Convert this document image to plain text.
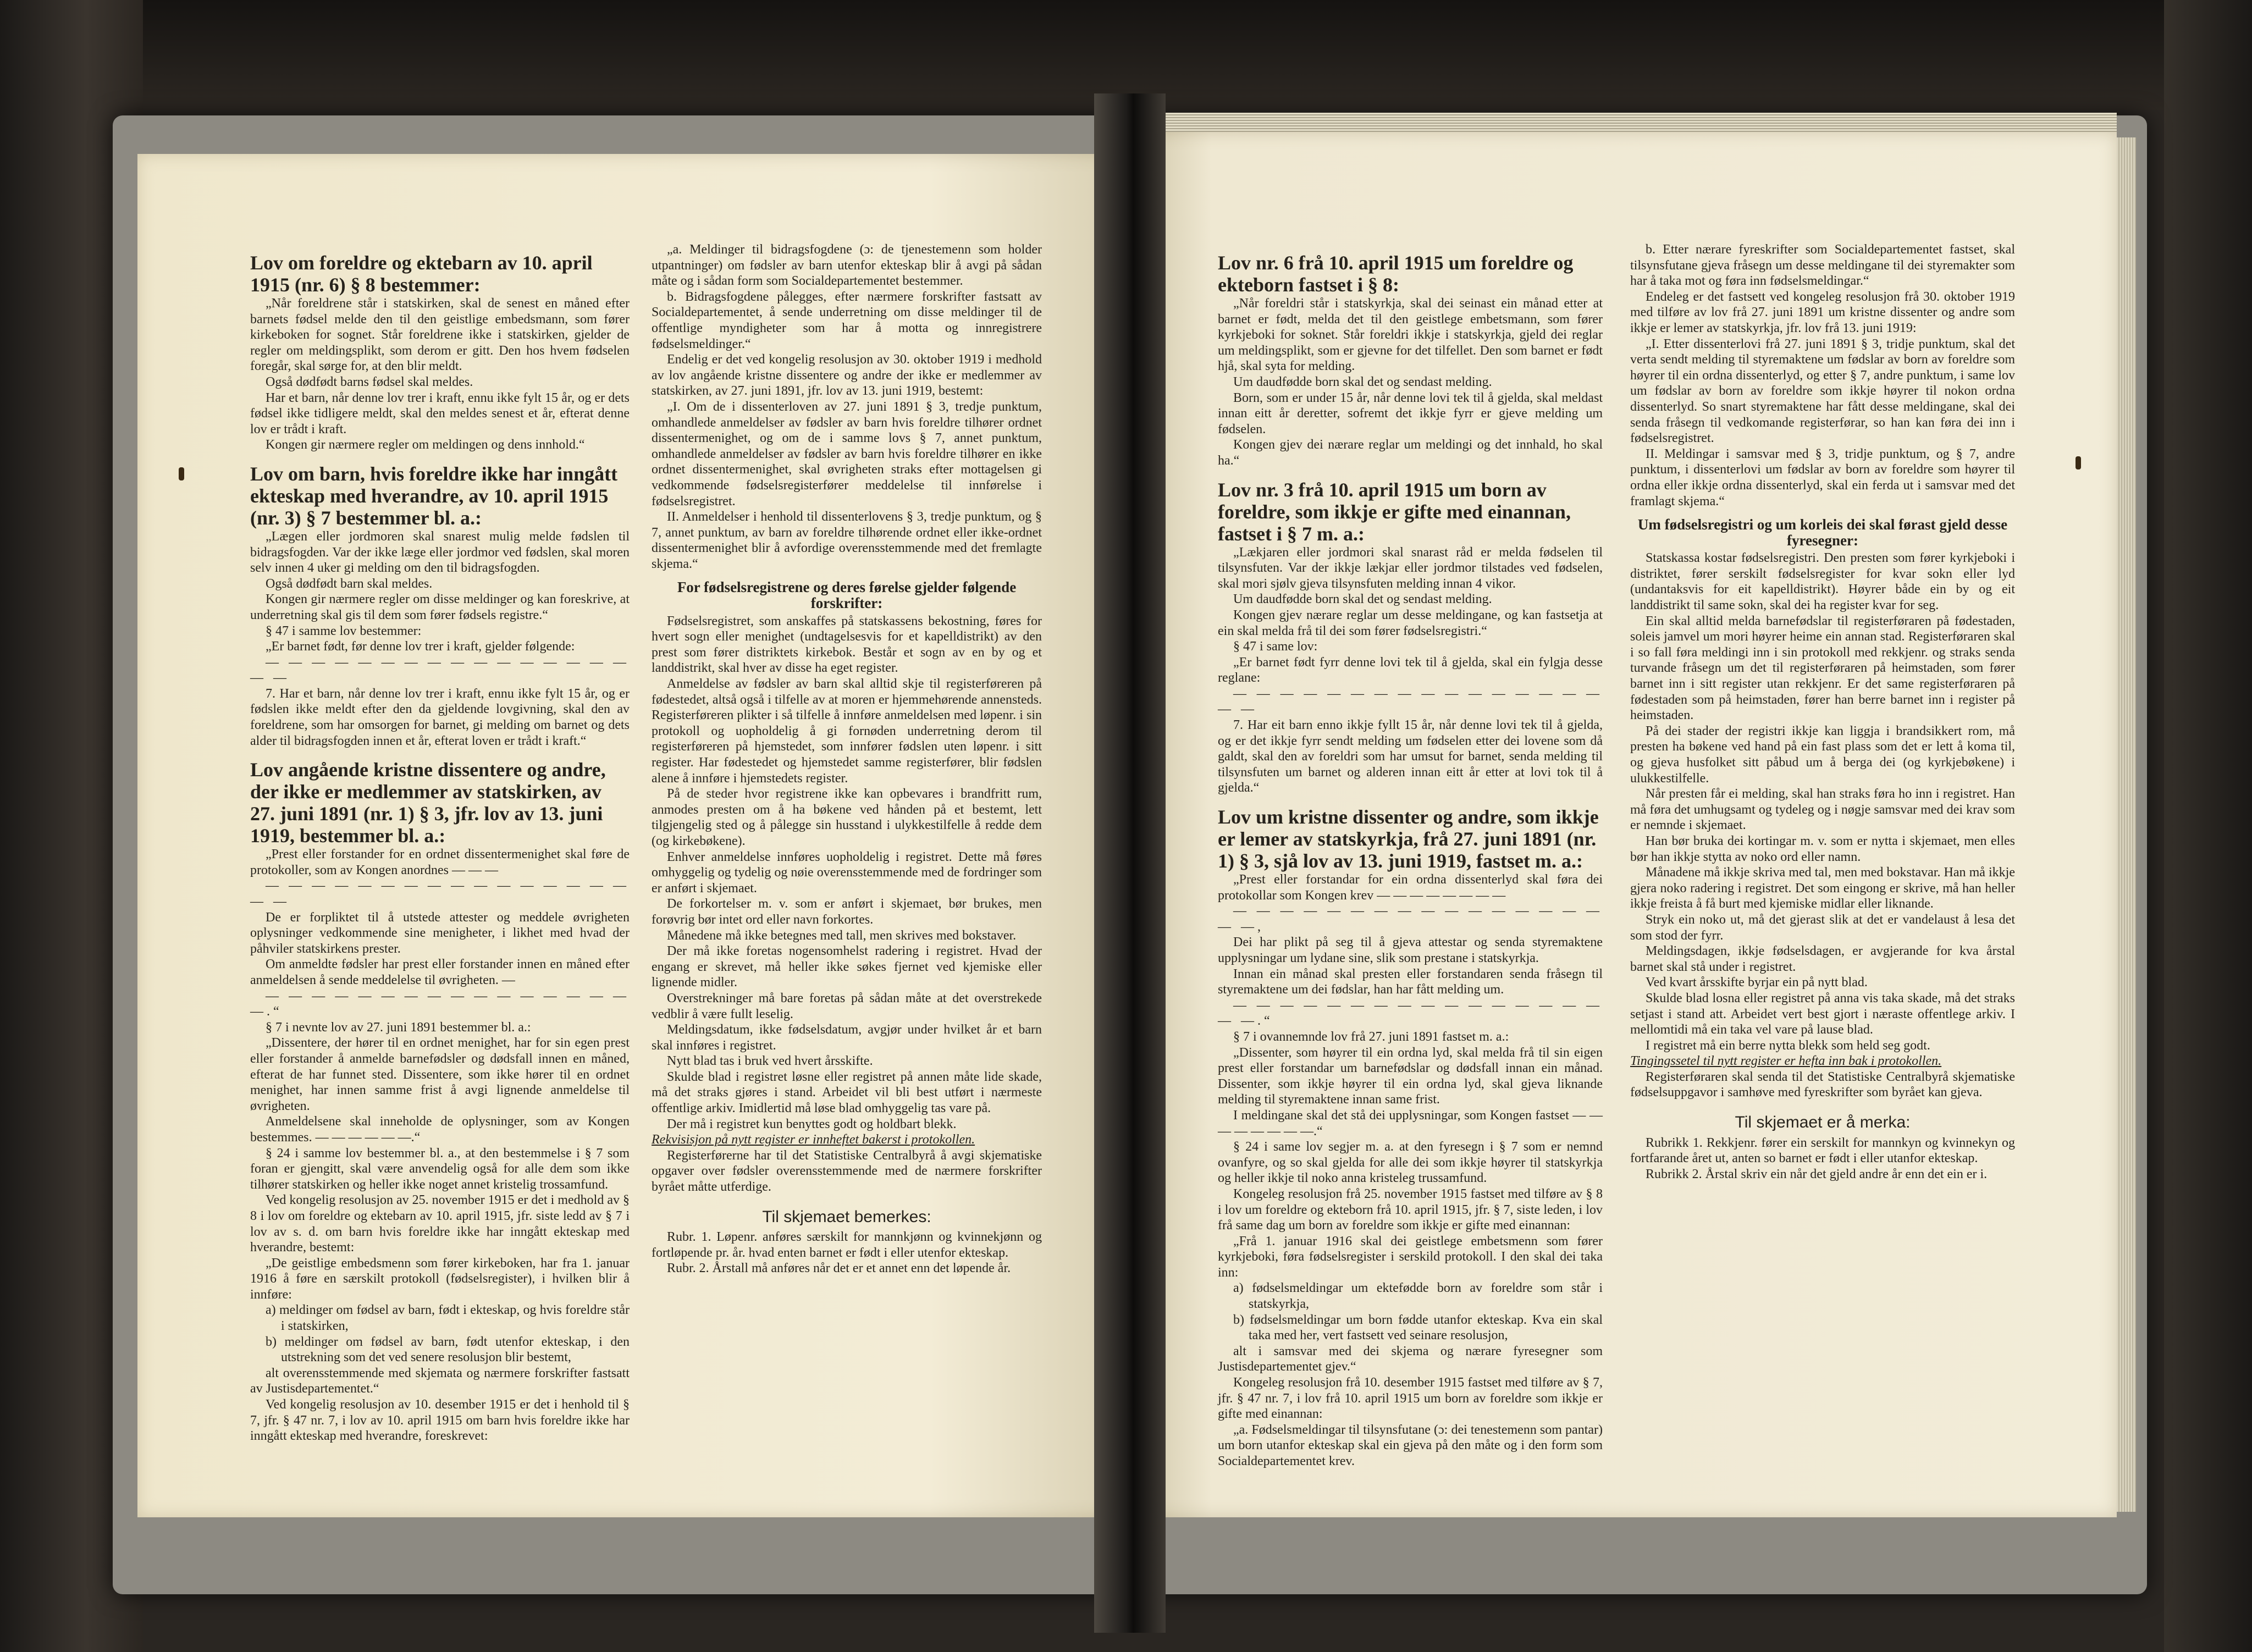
Lov om foreldre og ektebarn av 10. april 1915 (nr. 6) § 8 bestemmer:

„Når foreldrene står i statskirken, skal de senest en måned efter barnets fødsel melde den til den geistlige embedsmann, som fører kirkeboken for sognet. Står foreldrene ikke i statskirken, gjelder de regler om meldingsplikt, som derom er gitt. Den hos hvem fødselen foregår, skal sørge for, at den blir meldt.

Også dødfødt barns fødsel skal meldes.

Har et barn, når denne lov trer i kraft, ennu ikke fylt 15 år, og er dets fødsel ikke tidligere meldt, skal den meldes senest et år, efterat denne lov er trådt i kraft.

Kongen gir nærmere regler om meldingen og dens innhold.“

Lov om barn, hvis foreldre ikke har inngått ekteskap med hverandre, av 10. april 1915 (nr. 3) § 7 bestemmer bl. a.:

„Lægen eller jordmoren skal snarest mulig melde fødslen til bidragsfogden. Var der ikke læge eller jordmor ved fødslen, skal moren selv innen 4 uker gi melding om den til bidragsfogden.

Også dødfødt barn skal meldes.

Kongen gir nærmere regler om disse meldinger og kan foreskrive, at underretning skal gis til dem som fører fødsels registre.“

§ 47 i samme lov bestemmer:

„Er barnet født, før denne lov trer i kraft, gjelder følgende:

— — — — — — — — — — — — — — — — — —

7. Har et barn, når denne lov trer i kraft, ennu ikke fylt 15 år, og er fødslen ikke meldt efter den da gjeldende lovgivning, skal den av foreldrene, som har omsorgen for barnet, gi melding om barnet og dets alder til bidragsfogden innen et år, efterat loven er trådt i kraft.“

Lov angående kristne dissentere og andre, der ikke er medlemmer av statskirken, av 27. juni 1891 (nr. 1) § 3, jfr. lov av 13. juni 1919, bestemmer bl. a.:

„Prest eller forstander for en ordnet dissentermenighet skal føre de protokoller, som av Kongen anordnes — — —

— — — — — — — — — — — — — — — — — —

De er forpliktet til å utstede attester og meddele øvrigheten oplysninger vedkommende sine menigheter, i likhet med hvad der påhviler statskirkens prester.

Om anmeldte fødsler har prest eller forstander innen en måned efter anmeldelsen å sende meddelelse til øvrigheten. —

— — — — — — — — — — — — — — — — —.“

§ 7 i nevnte lov av 27. juni 1891 bestemmer bl. a.:

„Dissentere, der hører til en ordnet menighet, har for sin egen prest eller forstander å anmelde barnefødsler og dødsfall innen en måned, efterat de har funnet sted. Dissentere, som ikke hører til en ordnet menighet, har innen samme frist å avgi lignende anmeldelse til øvrigheten.

Anmeldelsene skal inneholde de oplysninger, som av Kongen bestemmes. — — — — — —.“

§ 24 i samme lov bestemmer bl. a., at den bestemmelse i § 7 som foran er gjengitt, skal være anvendelig også for alle dem som ikke tilhører statskirken og heller ikke noget annet kristelig trossamfund.

Ved kongelig resolusjon av 25. november 1915 er det i medhold av § 8 i lov om foreldre og ektebarn av 10. april 1915, jfr. siste ledd av § 7 i lov av s. d. om barn hvis foreldre ikke har inngått ekteskap med hverandre, bestemt:

„De geistlige embedsmenn som fører kirkeboken, har fra 1. januar 1916 å føre en særskilt protokoll (fødselsregister), i hvilken blir å innføre:

a) meldinger om fødsel av barn, født i ekteskap, og hvis foreldre står i statskirken,

b) meldinger om fødsel av barn, født utenfor ekteskap, i den utstrekning som det ved senere resolusjon blir bestemt,

alt overensstemmende med skjemata og nærmere forskrifter fastsatt av Justisdepartementet.“

Ved kongelig resolusjon av 10. desember 1915 er det i henhold til § 7, jfr. § 47 nr. 7, i lov av 10. april 1915 om barn hvis foreldre ikke har inngått ekteskap med hverandre, foreskrevet:

„a. Meldinger til bidragsfogdene (ɔ: de tjenestemenn som holder utpantninger) om fødsler av barn utenfor ekteskap blir å avgi på sådan måte og i sådan form som Socialdepartementet bestemmer.

b. Bidragsfogdene pålegges, efter nærmere forskrifter fastsatt av Socialdepartementet, å sende underretning om disse meldinger til de offentlige myndigheter som har å motta og innregistrere fødselsmeldinger.“

Endelig er det ved kongelig resolusjon av 30. oktober 1919 i medhold av lov angående kristne dissentere og andre der ikke er medlemmer av statskirken, av 27. juni 1891, jfr. lov av 13. juni 1919, bestemt:

„I. Om de i dissenterloven av 27. juni 1891 § 3, tredje punktum, omhandlede anmeldelser av fødsler av barn hvis foreldre tilhører ordnet dissentermenighet, og om de i samme lovs § 7, annet punktum, omhandlede anmeldelser av fødsler av barn hvis foreldre tilhører en ikke ordnet dissentermenighet, skal øvrigheten straks efter mottagelsen gi vedkommende fødselsregisterfører meddelelse til innførelse i fødselsregistret.

II. Anmeldelser i henhold til dissenterlovens § 3, tredje punktum, og § 7, annet punktum, av barn av foreldre tilhørende ordnet eller ikke-ordnet dissentermenighet blir å avfordige overensstemmende med det fremlagte skjema.“

For fødselsregistrene og deres førelse gjelder følgende forskrifter:

Fødselsregistret, som anskaffes på statskassens bekostning, føres for hvert sogn eller menighet (undtagelsesvis for et kapelldistrikt) av den prest som fører distriktets kirkebok. Består et sogn av en by og et landdistrikt, skal hver av disse ha eget register.

Anmeldelse av fødsler av barn skal alltid skje til registerføreren på fødestedet, altså også i tilfelle av at moren er hjemmehørende annensteds. Registerføreren plikter i så tilfelle å innføre anmeldelsen med løpenr. i sin protokoll og uopholdelig å gi fornøden underretning derom til registerføreren på hjemstedet, som innfører fødslen uten løpenr. i sitt register. Har fødestedet og hjemstedet samme registerfører, blir fødslen alene å innføre i hjemstedets register.

På de steder hvor registrene ikke kan opbevares i brandfritt rum, anmodes presten om å ha bøkene ved hånden på et bestemt, lett tilgjengelig sted og å pålegge sin husstand i ulykkestilfelle å redde dem (og kirkebøkene).

Enhver anmeldelse innføres uopholdelig i registret. Dette må føres omhyggelig og tydelig og nøie overensstemmende med de fordringer som er anført i skjemaet.

De forkortelser m. v. som er anført i skjemaet, bør brukes, men forøvrig bør intet ord eller navn forkortes.

Månedene må ikke betegnes med tall, men skrives med bokstaver.

Der må ikke foretas nogensomhelst radering i registret. Hvad der engang er skrevet, må heller ikke søkes fjernet ved kjemiske eller lignende midler.

Overstrekninger må bare foretas på sådan måte at det overstrekede vedblir å være fullt leselig.

Meldingsdatum, ikke fødselsdatum, avgjør under hvilket år et barn skal innføres i registret.

Nytt blad tas i bruk ved hvert årsskifte.

Skulde blad i registret løsne eller registret på annen måte lide skade, må det straks gjøres i stand. Arbeidet vil bli best utført i nærmeste offentlige arkiv. Imidlertid må løse blad omhyggelig tas vare på.

Der må i registret kun benyttes godt og holdbart blekk.

Rekvisisjon på nytt register er innheftet bakerst i protokollen.

Registerførerne har til det Statistiske Centralbyrå å avgi skjematiske opgaver over fødsler overensstemmende med de nærmere forskrifter byrået måtte utferdige.

Til skjemaet bemerkes:

Rubr. 1. Løpenr. anføres særskilt for mannkjønn og kvinnekjønn og fortløpende pr. år. hvad enten barnet er født i eller utenfor ekteskap.

Rubr. 2. Årstall må anføres når det er et annet enn det løpende år.

Lov nr. 6 frå 10. april 1915 um foreldre og ekteborn fastset i § 8:

„Når foreldri står i statskyrkja, skal dei seinast ein månad etter at barnet er født, melda det til den geistlege embetsmann, som fører kyrkjeboki for soknet. Står foreldri ikkje i statskyrkja, gjeld dei reglar um meldingsplikt, som er gjevne for det tilfellet. Den som barnet er født hjå, skal syta for melding.

Um daudfødde born skal det og sendast melding.

Born, som er under 15 år, når denne lovi tek til å gjelda, skal meldast innan eitt år deretter, sofremt det ikkje fyrr er gjeve melding um fødselen.

Kongen gjev dei nærare reglar um meldingi og det innhald, ho skal ha.“

Lov nr. 3 frå 10. april 1915 um born av foreldre, som ikkje er gifte med einannan, fastset i § 7 m. a.:

„Lækjaren eller jordmori skal snarast råd er melda fødselen til tilsynsfuten. Var der ikkje lækjar eller jordmor tilstades ved fødselen, skal mori sjølv gjeva tilsynsfuten melding innan 4 vikor.

Um daudfødde born skal det og sendast melding.

Kongen gjev nærare reglar um desse meldingane, og kan fastsetja at ein skal melda frå til dei som fører fødselsregistri.“

§ 47 i same lov:

„Er barnet født fyrr denne lovi tek til å gjelda, skal ein fylgja desse reglane:

— — — — — — — — — — — — — — — — — —

7. Har eit barn enno ikkje fyllt 15 år, når denne lovi tek til å gjelda, og er det ikkje fyrr sendt melding um fødselen etter dei lovene som då galdt, skal den av foreldri som har umsut for barnet, senda melding til tilsynsfuten um barnet og alderen innan eitt år etter at lovi tok til å gjelda.“

Lov um kristne dissenter og andre, som ikkje er lemer av statskyrkja, frå 27. juni 1891 (nr. 1) § 3, sjå lov av 13. juni 1919, fastset m. a.:

„Prest eller forstandar for ein ordna dissenterlyd skal føra dei protokollar som Kongen krev — — — — — — — —

— — — — — — — — — — — — — — — — — —,

Dei har plikt på seg til å gjeva attestar og senda styremaktene upplysningar um lydane sine, slik som prestane i statskyrkja.

Innan ein månad skal presten eller forstandaren senda fråsegn til styremaktene um dei fødslar, han har fått melding um.

— — — — — — — — — — — — — — — — — —.“

§ 7 i ovannemnde lov frå 27. juni 1891 fastset m. a.:

„Dissenter, som høyrer til ein ordna lyd, skal melda frå til sin eigen prest eller forstandar um barnefødslar og dødsfall innan ein månad. Dissenter, som ikkje høyrer til ein ordna lyd, skal gjeva liknande melding til styremaktene innan same frist.

I meldingane skal det stå dei upplysningar, som Kongen fastset — — — — — — — —.“

§ 24 i same lov segjer m. a. at den fyresegn i § 7 som er nemnd ovanfyre, og so skal gjelda for alle dei som ikkje høyrer til statskyrkja og heller ikkje til noko anna kristeleg trussamfund.

Kongeleg resolusjon frå 25. november 1915 fastset med tilføre av § 8 i lov um foreldre og ekteborn frå 10. april 1915, jfr. § 7, siste leden, i lov frå same dag um born av foreldre som ikkje er gifte med einannan:

„Frå 1. januar 1916 skal dei geistlege embetsmenn som fører kyrkjeboki, føra fødselsregister i serskild protokoll. I den skal dei taka inn:

a) fødselsmeldingar um ektefødde born av foreldre som står i statskyrkja,

b) fødselsmeldingar um born fødde utanfor ekteskap. Kva ein skal taka med her, vert fastsett ved seinare resolusjon,

alt i samsvar med dei skjema og nærare fyresegner som Justisdepartementet gjev.“

Kongeleg resolusjon frå 10. desember 1915 fastset med tilføre av § 7, jfr. § 47 nr. 7, i lov frå 10. april 1915 um born av foreldre som ikkje er gifte med einannan:

„a. Fødselsmeldingar til tilsynsfutane (ɔ: dei tenestemenn som pantar) um born utanfor ekteskap skal ein gjeva på den måte og i den form som Socialdepartementet krev.

b. Etter nærare fyreskrifter som Socialdepartementet fastset, skal tilsynsfutane gjeva fråsegn um desse meldingane til dei styremakter som har å taka mot og føra inn fødselsmeldingar.“

Endeleg er det fastsett ved kongeleg resolusjon frå 30. oktober 1919 med tilføre av lov frå 27. juni 1891 um kristne dissenter og andre som ikkje er lemer av statskyrkja, jfr. lov frå 13. juni 1919:

„I. Etter dissenterlovi frå 27. juni 1891 § 3, tridje punktum, skal det verta sendt melding til styremaktene um fødslar av born av foreldre som høyrer til ein ordna dissenterlyd, og etter § 7, andre punktum, i same lov um fødslar av born av foreldre som ikkje høyrer til nokon ordna dissenterlyd. So snart styremaktene har fått desse meldingane, skal dei senda fråsegn til vedkomande registerførar, so han kan føra dei inn i fødselsregistret.

II. Meldingar i samsvar med § 3, tridje punktum, og § 7, andre punktum, i dissenterlovi um fødslar av born av foreldre som høyrer til ordna eller ikkje ordna dissenterlyd, skal ein ferda ut i samsvar med det framlagt skjema.“

Um fødselsregistri og um korleis dei skal førast gjeld desse fyresegner:

Statskassa kostar fødselsregistri. Den presten som fører kyrkjeboki i distriktet, fører serskilt fødselsregister for kvar sokn eller lyd (undantaksvis for eit kapelldistrikt). Høyrer både ein by og eit landdistrikt til same sokn, skal dei ha register kvar for seg.

Ein skal alltid melda barnefødslar til registerføraren på fødestaden, soleis jamvel um mori høyrer heime ein annan stad. Registerføraren skal i so fall føra meldingi inn i sin protokoll med rekkjenr. og straks senda turvande fråsegn um det til registerføraren på heimstaden, som fører barnet inn i sitt register utan rekkjenr. Er det same registerføraren på fødestaden som på heimstaden, fører han berre barnet inn i register på heimstaden.

På dei stader der registri ikkje kan liggja i brandsikkert rom, må presten ha bøkene ved hand på ein fast plass som det er lett å koma til, og gjeva husfolket sitt påbud um å berga dei (og kyrkjebøkene) i ulukkestilfelle.

Når presten får ei melding, skal han straks føra ho inn i registret. Han må føra det umhugsamt og tydeleg og i nøgje samsvar med dei krav som er nemnde i skjemaet.

Han bør bruka dei kortingar m. v. som er nytta i skjemaet, men elles bør han ikkje stytta av noko ord eller namn.

Månadene må ikkje skriva med tal, men med bokstavar. Han må ikkje gjera noko radering i registret. Det som eingong er skrive, må han heller ikkje freista å få burt med kjemiske midlar eller liknande.

Stryk ein noko ut, må det gjerast slik at det er vandelaust å lesa det som stod der fyrr.

Meldingsdagen, ikkje fødselsdagen, er avgjerande for kva årstal barnet skal stå under i registret.

Ved kvart årsskifte byrjar ein på nytt blad.

Skulde blad losna eller registret på anna vis taka skade, må det straks setjast i stand att. Arbeidet vert best gjort i næraste offentlege arkiv. I mellomtidi må ein taka vel vare på lause blad.

I registret må ein berre nytta blekk som held seg godt.

Tingingssetel til nytt register er hefta inn bak i protokollen.

Registerføraren skal senda til det Statistiske Centralbyrå skjematiske fødselsuppgavor i samhøve med fyreskrifter som byrået kan gjeva.

Til skjemaet er å merka:

Rubrikk 1. Rekkjenr. fører ein serskilt for mannkyn og kvinnekyn og fortfarande året ut, anten so barnet er født i eller utanfor ekteskap.

Rubrikk 2. Årstal skriv ein når det gjeld andre år enn det ein er i.
